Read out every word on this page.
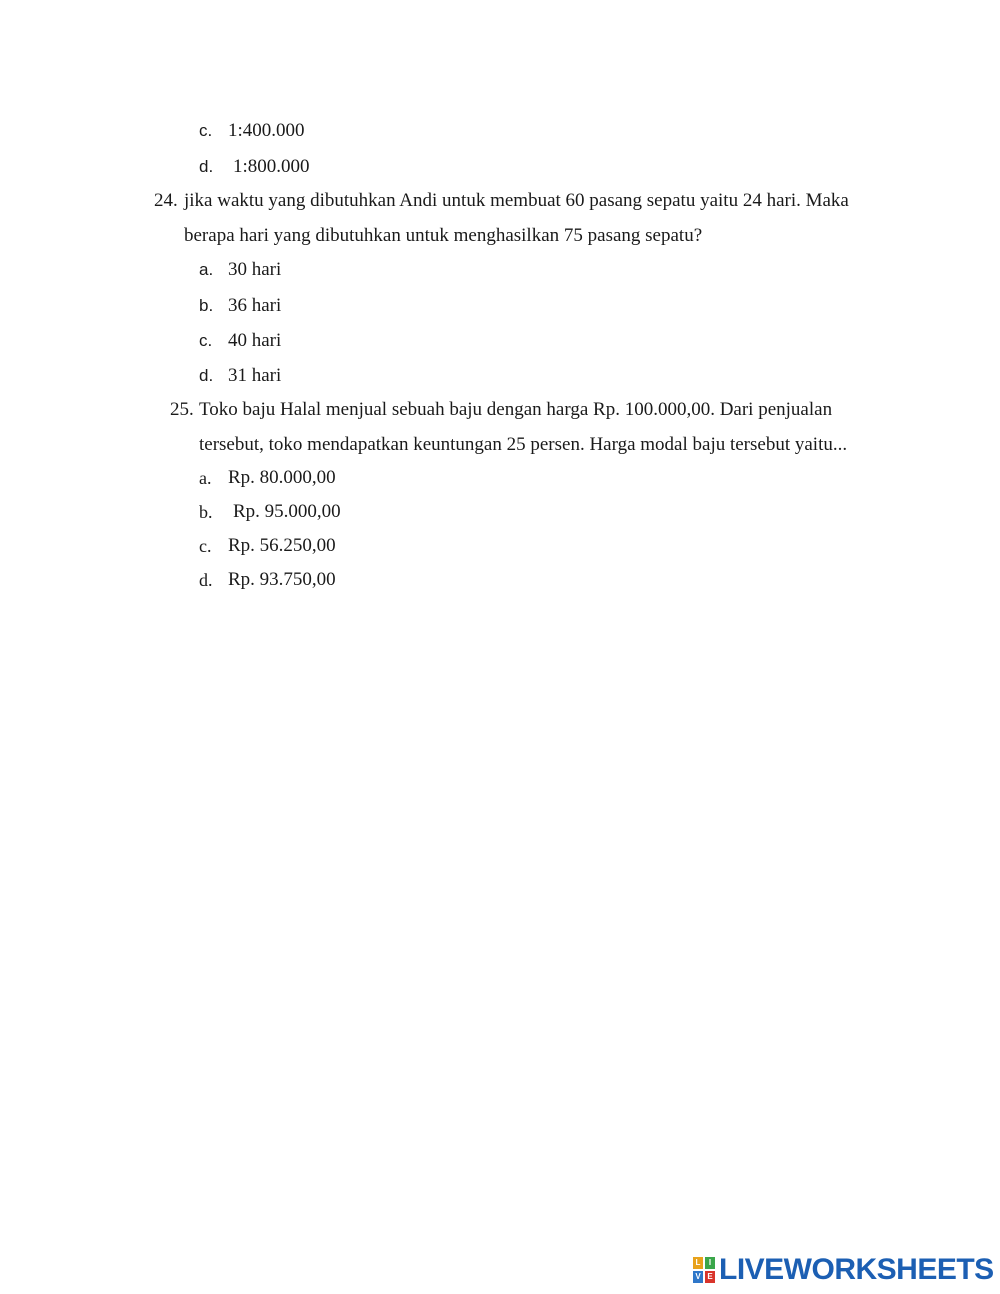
c. 1:400.000
d. 1:800.000
24. jika waktu yang dibutuhkan Andi untuk membuat 60 pasang sepatu yaitu 24 hari. Maka
berapa hari yang dibutuhkan untuk menghasilkan 75 pasang sepatu?
a. 30 hari
b. 36 hari
c. 40 hari
d. 31 hari
25. Toko baju Halal menjual sebuah baju dengan harga Rp. 100.000,00. Dari penjualan
tersebut, toko mendapatkan keuntungan 25 persen. Harga modal baju tersebut yaitu...
a. Rp. 80.000,00
b. Rp. 95.000,00
c. Rp. 56.250,00
d. Rp. 93.750,00
L	I
V E LIVEWORKSHEETS
